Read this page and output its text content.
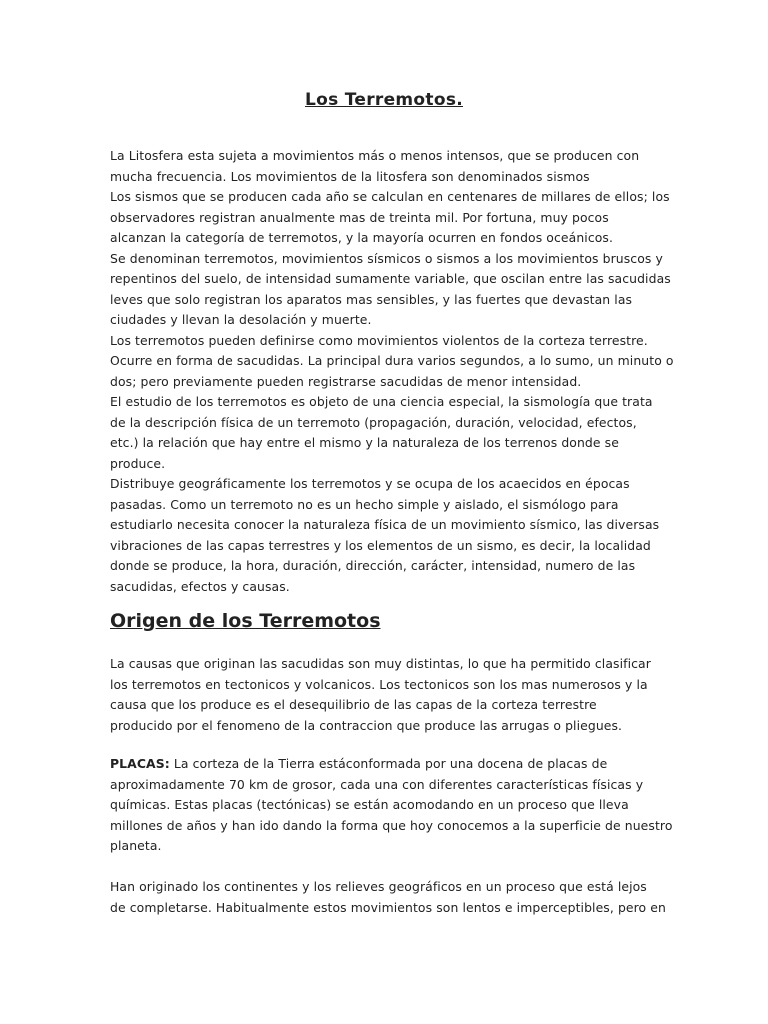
Los Terremotos.
La Litosfera esta sujeta a movimientos más o menos intensos, que se producen con
mucha frecuencia. Los movimientos de la litosfera son denominados sismos
Los sismos que se producen cada año se calculan en centenares de millares de ellos; los
observadores registran anualmente mas de treinta mil. Por fortuna, muy pocos
alcanzan la categoría de terremotos, y la mayoría ocurren en fondos oceánicos.
Se denominan terremotos, movimientos sísmicos o sismos a los movimientos bruscos y
repentinos del suelo, de intensidad sumamente variable, que oscilan entre las sacudidas
leves que solo registran los aparatos mas sensibles, y las fuertes que devastan las
ciudades y llevan la desolación y muerte.
Los terremotos pueden definirse como movimientos violentos de la corteza terrestre.
Ocurre en forma de sacudidas. La principal dura varios segundos, a lo sumo, un minuto o
dos; pero previamente pueden registrarse sacudidas de menor intensidad.
El estudio de los terremotos es objeto de una ciencia especial, la sismología que trata
de la descripción física de un terremoto (propagación, duración, velocidad, efectos,
etc.) la relación que hay entre el mismo y la naturaleza de los terrenos donde se
produce.
Distribuye geográficamente los terremotos y se ocupa de los acaecidos en épocas
pasadas. Como un terremoto no es un hecho simple y aislado, el sismólogo para
estudiarlo necesita conocer la naturaleza física de un movimiento sísmico, las diversas
vibraciones de las capas terrestres y los elementos de un sismo, es decir, la localidad
donde se produce, la hora, duración, dirección, carácter, intensidad, numero de las
sacudidas, efectos y causas.
Origen de los Terremotos
La causas que originan las sacudidas son muy distintas, lo que ha permitido clasificar
los terremotos en tectonicos y volcanicos. Los tectonicos son los mas numerosos y la
causa que los produce es el desequilibrio de las capas de la corteza terrestre
producido por el fenomeno de la contraccion que produce las arrugas o pliegues.
PLACAS: La corteza de la Tierra estáconformada por una docena de placas de
aproximadamente 70 km de grosor, cada una con diferentes características físicas y
químicas. Estas placas (tectónicas) se están acomodando en un proceso que lleva
millones de años y han ido dando la forma que hoy conocemos a la superficie de nuestro
planeta.
Han originado los continentes y los relieves geográficos en un proceso que está lejos
de completarse. Habitualmente estos movimientos son lentos e imperceptibles, pero en
